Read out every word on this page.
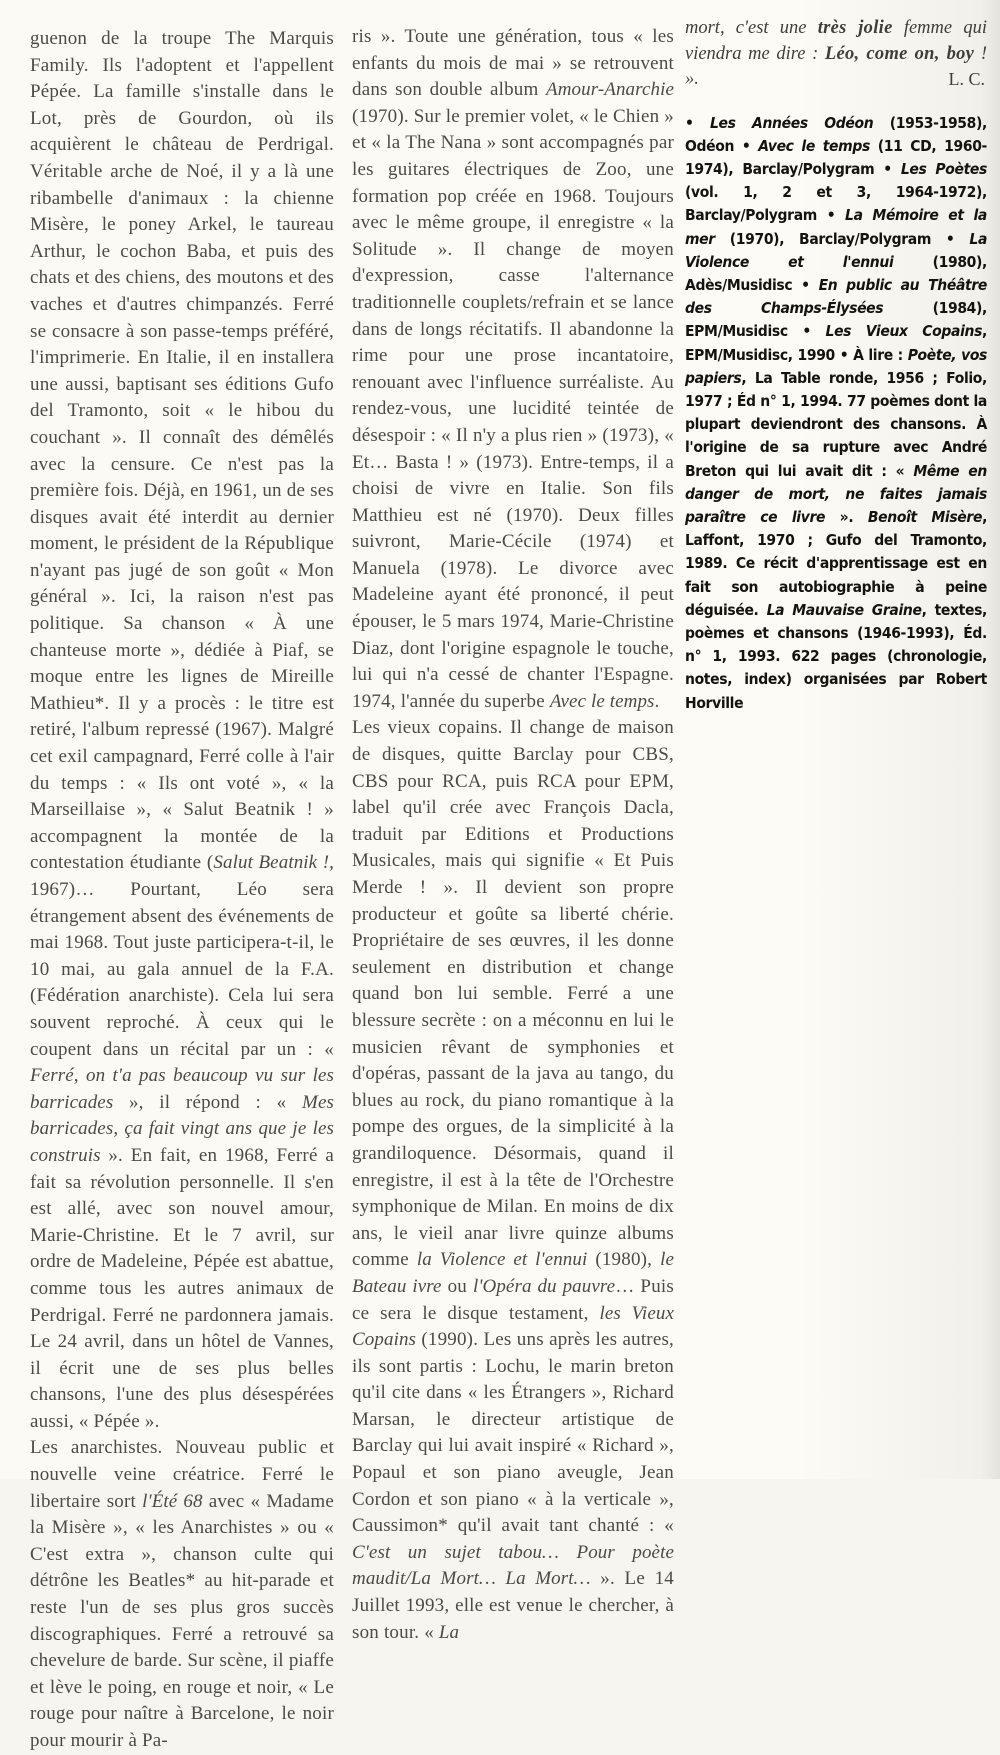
guenon de la troupe The Marquis Family. Ils l'adoptent et l'appellent Pépée. La famille s'installe dans le Lot, près de Gourdon, où ils acquièrent le château de Perdrigal. Véritable arche de Noé, il y a là une ribambelle d'animaux : la chienne Misère, le poney Arkel, le taureau Arthur, le cochon Baba, et puis des chats et des chiens, des moutons et des vaches et d'autres chimpanzés. Ferré se consacre à son passe-temps préféré, l'imprimerie. En Italie, il en installera une aussi, baptisant ses éditions Gufo del Tramonto, soit « le hibou du couchant ». Il connaît des démêlés avec la censure. Ce n'est pas la première fois. Déjà, en 1961, un de ses disques avait été interdit au dernier moment, le président de la République n'ayant pas jugé de son goût « Mon général ». Ici, la raison n'est pas politique. Sa chanson « À une chanteuse morte », dédiée à Piaf, se moque entre les lignes de Mireille Mathieu*. Il y a procès : le titre est retiré, l'album repressé (1967). Malgré cet exil campagnard, Ferré colle à l'air du temps : « Ils ont voté », « la Marseillaise », « Salut Beatnik ! » accompagnent la montée de la contestation étudiante (Salut Beatnik !, 1967)… Pourtant, Léo sera étrangement absent des événements de mai 1968. Tout juste participera-t-il, le 10 mai, au gala annuel de la F.A. (Fédération anarchiste). Cela lui sera souvent reproché. À ceux qui le coupent dans un récital par un : « Ferré, on t'a pas beaucoup vu sur les barricades », il répond : « Mes barricades, ça fait vingt ans que je les construis ». En fait, en 1968, Ferré a fait sa révolution personnelle. Il s'en est allé, avec son nouvel amour, Marie-Christine. Et le 7 avril, sur ordre de Madeleine, Pépée est abattue, comme tous les autres animaux de Perdrigal. Ferré ne pardonnera jamais. Le 24 avril, dans un hôtel de Vannes, il écrit une de ses plus belles chansons, l'une des plus désespérées aussi, « Pépée ».

Les anarchistes. Nouveau public et nouvelle veine créatrice. Ferré le libertaire sort l'Été 68 avec « Madame la Misère », « les Anarchistes » ou « C'est extra », chanson culte qui détrône les Beatles* au hit-parade et reste l'un de ses plus gros succès discographiques. Ferré a retrouvé sa chevelure de barde. Sur scène, il piaffe et lève le poing, en rouge et noir, « Le rouge pour naître à Barcelone, le noir pour mourir à Pa-

ris ». Toute une génération, tous « les enfants du mois de mai » se retrouvent dans son double album Amour-Anarchie (1970). Sur le premier volet, « le Chien » et « la The Nana » sont accompagnés par les guitares électriques de Zoo, une formation pop créée en 1968. Toujours avec le même groupe, il enregistre « la Solitude ». Il change de moyen d'expression, casse l'alternance traditionnelle couplets/refrain et se lance dans de longs récitatifs. Il abandonne la rime pour une prose incantatoire, renouant avec l'influence surréaliste. Au rendez-vous, une lucidité teintée de désespoir : « Il n'y a plus rien » (1973), « Et… Basta ! » (1973). Entre-temps, il a choisi de vivre en Italie. Son fils Matthieu est né (1970). Deux filles suivront, Marie-Cécile (1974) et Manuela (1978). Le divorce avec Madeleine ayant été prononcé, il peut épouser, le 5 mars 1974, Marie-Christine Diaz, dont l'origine espagnole le touche, lui qui n'a cessé de chanter l'Espagne. 1974, l'année du superbe Avec le temps.

Les vieux copains. Il change de maison de disques, quitte Barclay pour CBS, CBS pour RCA, puis RCA pour EPM, label qu'il crée avec François Dacla, traduit par Editions et Productions Musicales, mais qui signifie « Et Puis Merde ! ». Il devient son propre producteur et goûte sa liberté chérie. Propriétaire de ses œuvres, il les donne seulement en distribution et change quand bon lui semble. Ferré a une blessure secrète : on a méconnu en lui le musicien rêvant de symphonies et d'opéras, passant de la java au tango, du blues au rock, du piano romantique à la pompe des orgues, de la simplicité à la grandiloquence. Désormais, quand il enregistre, il est à la tête de l'Orchestre symphonique de Milan. En moins de dix ans, le vieil anar livre quinze albums comme la Violence et l'ennui (1980), le Bateau ivre ou l'Opéra du pauvre… Puis ce sera le disque testament, les Vieux Copains (1990). Les uns après les autres, ils sont partis : Lochu, le marin breton qu'il cite dans « les Étrangers », Richard Marsan, le directeur artistique de Barclay qui lui avait inspiré « Richard », Popaul et son piano aveugle, Jean Cordon et son piano « à la verticale », Caussimon* qu'il avait tant chanté : « C'est un sujet tabou… Pour poète maudit/La Mort… La Mort… ». Le 14 Juillet 1993, elle est venue le chercher, à son tour. « La

mort, c'est une très jolie femme qui viendra me dire : Léo, come on, boy ! ».	L. C.

• Les Années Odéon (1953-1958), Odéon • Avec le temps (11 CD, 1960-1974), Barclay/Polygram • Les Poètes (vol. 1, 2 et 3, 1964-1972), Barclay/Polygram • La Mémoire et la mer (1970), Barclay/Polygram • La Violence et l'ennui (1980), Adès/Musidisc • En public au Théâtre des Champs-Élysées (1984), EPM/Musidisc • Les Vieux Copains, EPM/Musidisc, 1990 • À lire : Poète, vos papiers, La Table ronde, 1956 ; Folio, 1977 ; Éd n° 1, 1994. 77 poèmes dont la plupart deviendront des chansons. À l'origine de sa rupture avec André Breton qui lui avait dit : « Même en danger de mort, ne faites jamais paraître ce livre ». Benoît Misère, Laffont, 1970 ; Gufo del Tramonto, 1989. Ce récit d'apprentissage est en fait son autobiographie à peine déguisée. La Mauvaise Graine, textes, poèmes et chansons (1946-1993), Éd. n° 1, 1993. 622 pages (chronologie, notes, index) organisées par Robert Horville
